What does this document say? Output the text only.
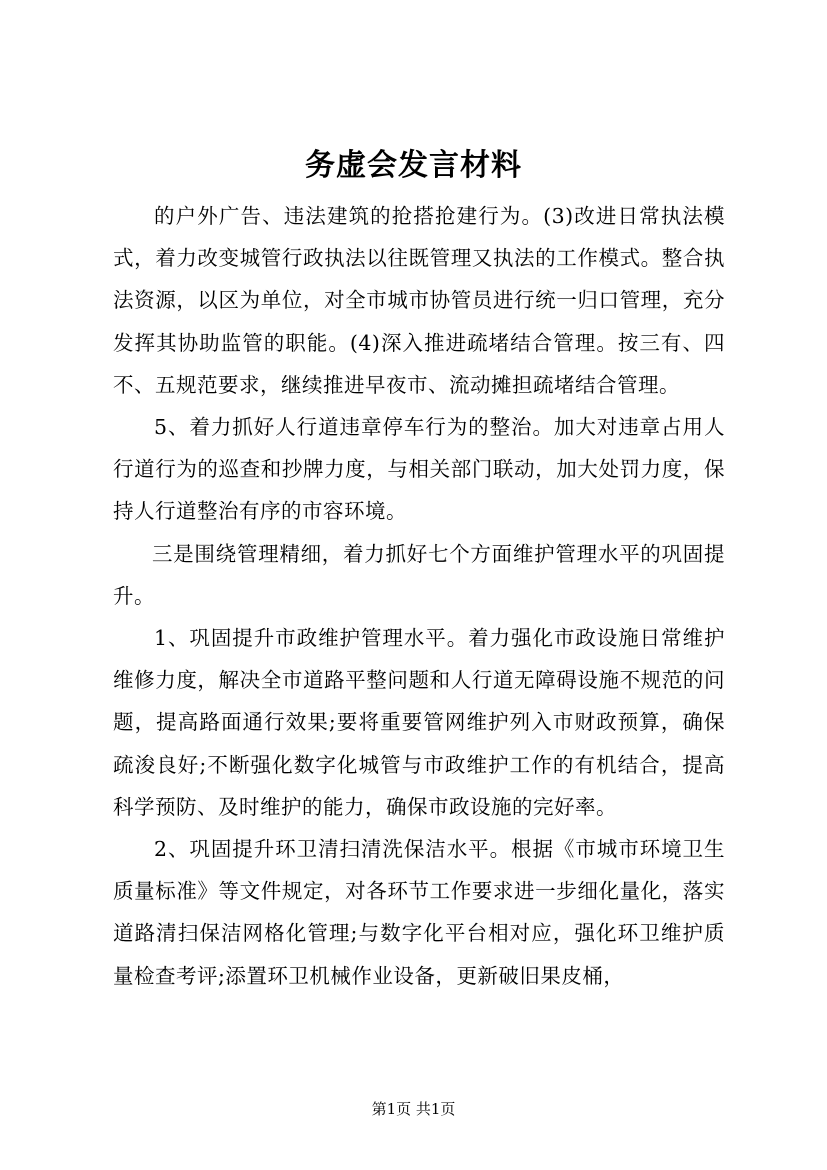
务虚会发言材料

的户外广告、违法建筑的抢搭抢建行为。(3)改进日常执法模式，着力改变城管行政执法以往既管理又执法的工作模式。整合执法资源，以区为单位，对全市城市协管员进行统一归口管理，充分发挥其协助监管的职能。(4)深入推进疏堵结合管理。按三有、四不、五规范要求，继续推进早夜市、流动摊担疏堵结合管理。

5、着力抓好人行道违章停车行为的整治。加大对违章占用人行道行为的巡查和抄牌力度，与相关部门联动，加大处罚力度，保持人行道整治有序的市容环境。

三是围绕管理精细，着力抓好七个方面维护管理水平的巩固提升。

1、巩固提升市政维护管理水平。着力强化市政设施日常维护维修力度，解决全市道路平整问题和人行道无障碍设施不规范的问题，提高路面通行效果;要将重要管网维护列入市财政预算，确保疏浚良好;不断强化数字化城管与市政维护工作的有机结合，提高科学预防、及时维护的能力，确保市政设施的完好率。

2、巩固提升环卫清扫清洗保洁水平。根据《市城市环境卫生质量标准》等文件规定，对各环节工作要求进一步细化量化，落实道路清扫保洁网格化管理;与数字化平台相对应，强化环卫维护质量检查考评;添置环卫机械作业设备，更新破旧果皮桶，

第1页 共1页
